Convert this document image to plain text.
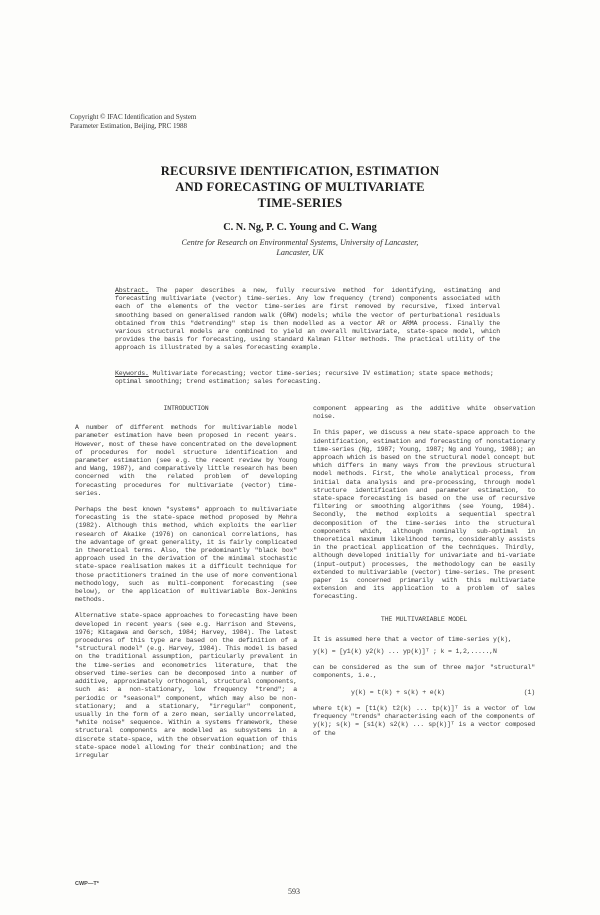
Copyright © IFAC Identification and System
Parameter Estimation, Beijing, PRC 1988
RECURSIVE IDENTIFICATION, ESTIMATION
AND FORECASTING OF MULTIVARIATE
TIME-SERIES
C. N. Ng, P. C. Young and C. Wang
Centre for Research on Environmental Systems, University of Lancaster,
Lancaster, UK
Abstract. The paper describes a new, fully recursive method for identifying, estimating and forecasting multivariate (vector) time-series. Any low frequency (trend) components associated with each of the elements of the vector time-series are first removed by recursive, fixed interval smoothing based on generalised random walk (GRW) models; while the vector of perturbational residuals obtained from this "detrending" step is then modelled as a vector AR or ARMA process. Finally the various structural models are combined to yield an overall multivariate, state-space model, which provides the basis for forecasting, using standard Kalman Filter methods. The practical utility of the approach is illustrated by a sales forecasting example.
Keywords. Multivariate forecasting; vector time-series; recursive IV estimation; state space methods; optimal smoothing; trend estimation; sales forecasting.
INTRODUCTION

A number of different methods for multivariable model parameter estimation have been proposed in recent years. However, most of these have concentrated on the development of procedures for model structure identification and parameter estimation (see e.g. the recent review by Young and Wang, 1987), and comparatively little research has been concerned with the related problem of developing forecasting procedures for multivariate (vector) time-series.

Perhaps the best known "systems" approach to multivariate forecasting is the state-space method proposed by Mehra (1982). Although this method, which exploits the earlier research of Akaike (1976) on canonical correlations, has the advantage of great generality, it is fairly complicated in theoretical terms. Also, the predominantly "black box" approach used in the derivation of the minimal stochastic state-space realisation makes it a difficult technique for those practitioners trained in the use of more conventional methodology, such as multi-component forecasting (see below), or the application of multivariable Box-Jenkins methods.

Alternative state-space approaches to forecasting have been developed in recent years (see e.g. Harrison and Stevens, 1976; Kitagawa and Gersch, 1984; Harvey, 1984). The latest procedures of this type are based on the definition of a "structural model" (e.g. Harvey, 1984). This model is based on the traditional assumption, particularly prevalent in the time-series and econometrics literature, that the observed time-series can be decomposed into a number of additive, approximately orthogonal, structural components, such as: a non-stationary, low frequency "trend"; a periodic or "seasonal" component, which may also be non-stationary; and a stationary, "irregular" component, usually in the form of a zero mean, serially uncorrelated, "white noise" sequence. Within a systems framework, these structural components are modelled as subsystems in a discrete state-space, with the observation equation of this state-space model allowing for their combination; and the irregular

component appearing as the additive white observation noise.

In this paper, we discuss a new state-space approach to the identification, estimation and forecasting of nonstationary time-series (Ng, 1987; Young, 1987; Ng and Young, 1988); an approach which is based on the structural model concept but which differs in many ways from the previous structural model methods. First, the whole analytical process, from initial data analysis and pre-processing, through model structure identification and parameter estimation, to state-space forecasting is based on the use of recursive filtering or smoothing algorithms (see Young, 1984). Secondly, the method exploits a sequential spectral decomposition of the time-series into the structural components which, although nominally sub-optimal in theoretical maximum likelihood terms, considerably assists in the practical application of the techniques. Thirdly, although developed initially for univariate and bi-variate (input-output) processes, the methodology can be easily extended to multivariable (vector) time-series. The present paper is concerned primarily with this multivariate extension and its application to a problem of sales forecasting.

THE MULTIVARIABLE MODEL

It is assumed here that a vector of time-series y(k),

y(k) = [y1(k) y2(k) ... yp(k)]ᵀ ; k = 1,2,.....,N

can be considered as the sum of three major "structural" components, i.e.,

y(k) = t(k) + s(k) + e(k)	(1)

where t(k) = [t1(k) t2(k) ... tp(k)]ᵀ is a vector of low frequency "trends" characterising each of the components of y(k); s(k) = [s1(k) s2(k) ... sp(k)]ᵀ is a vector composed of the

CWP—T*
593
